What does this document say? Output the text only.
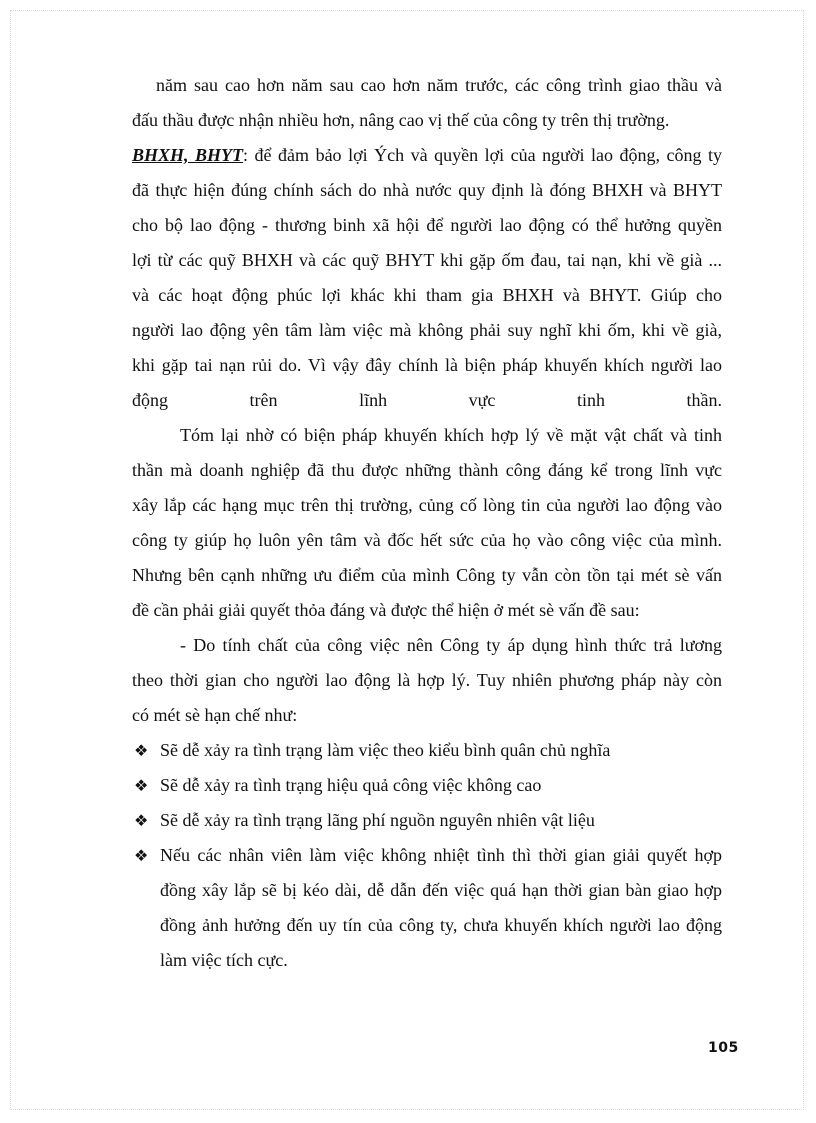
năm sau cao hơn năm sau cao hơn năm trước, các công trình giao thầu và
đấu thầu được nhận nhiều hơn, nâng cao vị thế của công ty trên thị trường.

BHXH, BHYT: để đảm bảo lợi Ých và quyền lợi của người lao động, công ty
đã thực hiện đúng chính sách do nhà nước quy định là đóng BHXH và BHYT
cho bộ lao động - thương binh xã hội để người lao động có thể hưởng quyền
lợi từ các quỹ BHXH và các quỹ BHYT khi gặp ốm đau, tai nạn, khi về già ...
và các hoạt động phúc lợi khác khi tham gia BHXH và BHYT. Giúp cho
người lao động yên tâm làm việc mà không phải suy nghĩ khi ốm, khi về già,
khi gặp tai nạn rủi do. Vì vậy đây chính là biện pháp khuyến khích người lao
động trên lĩnh vực tinh thần.

Tóm lại nhờ có biện pháp khuyến khích hợp lý về mặt vật chất và tinh
thần mà doanh nghiệp đã thu được những thành công đáng kể trong lĩnh vực
xây lắp các hạng mục trên thị trường, củng cố lòng tin của người lao động vào
công ty giúp họ luôn yên tâm và đốc hết sức của họ vào công việc của mình.
Nhưng bên cạnh những ưu điểm của mình Công ty vẫn còn tồn tại mét sè vấn
đề cần phải giải quyết thỏa đáng và được thể hiện ở mét sè vấn đề sau:

- Do tính chất của công việc nên Công ty áp dụng hình thức trả lương
theo thời gian cho người lao động là hợp lý. Tuy nhiên phương pháp này còn
có mét sè hạn chế như:

❖ Sẽ dễ xảy ra tình trạng làm việc theo kiểu bình quân chủ nghĩa
❖ Sẽ dễ xảy ra tình trạng hiệu quả công việc không cao
❖ Sẽ dễ xảy ra tình trạng lãng phí nguồn nguyên nhiên vật liệu
❖ Nếu các nhân viên làm việc không nhiệt tình thì thời gian giải quyết hợp
đồng xây lắp sẽ bị kéo dài, dễ dẫn đến việc quá hạn thời gian bàn giao hợp
đồng ảnh hưởng đến uy tín của công ty, chưa khuyến khích người lao động
làm việc tích cực.
105
